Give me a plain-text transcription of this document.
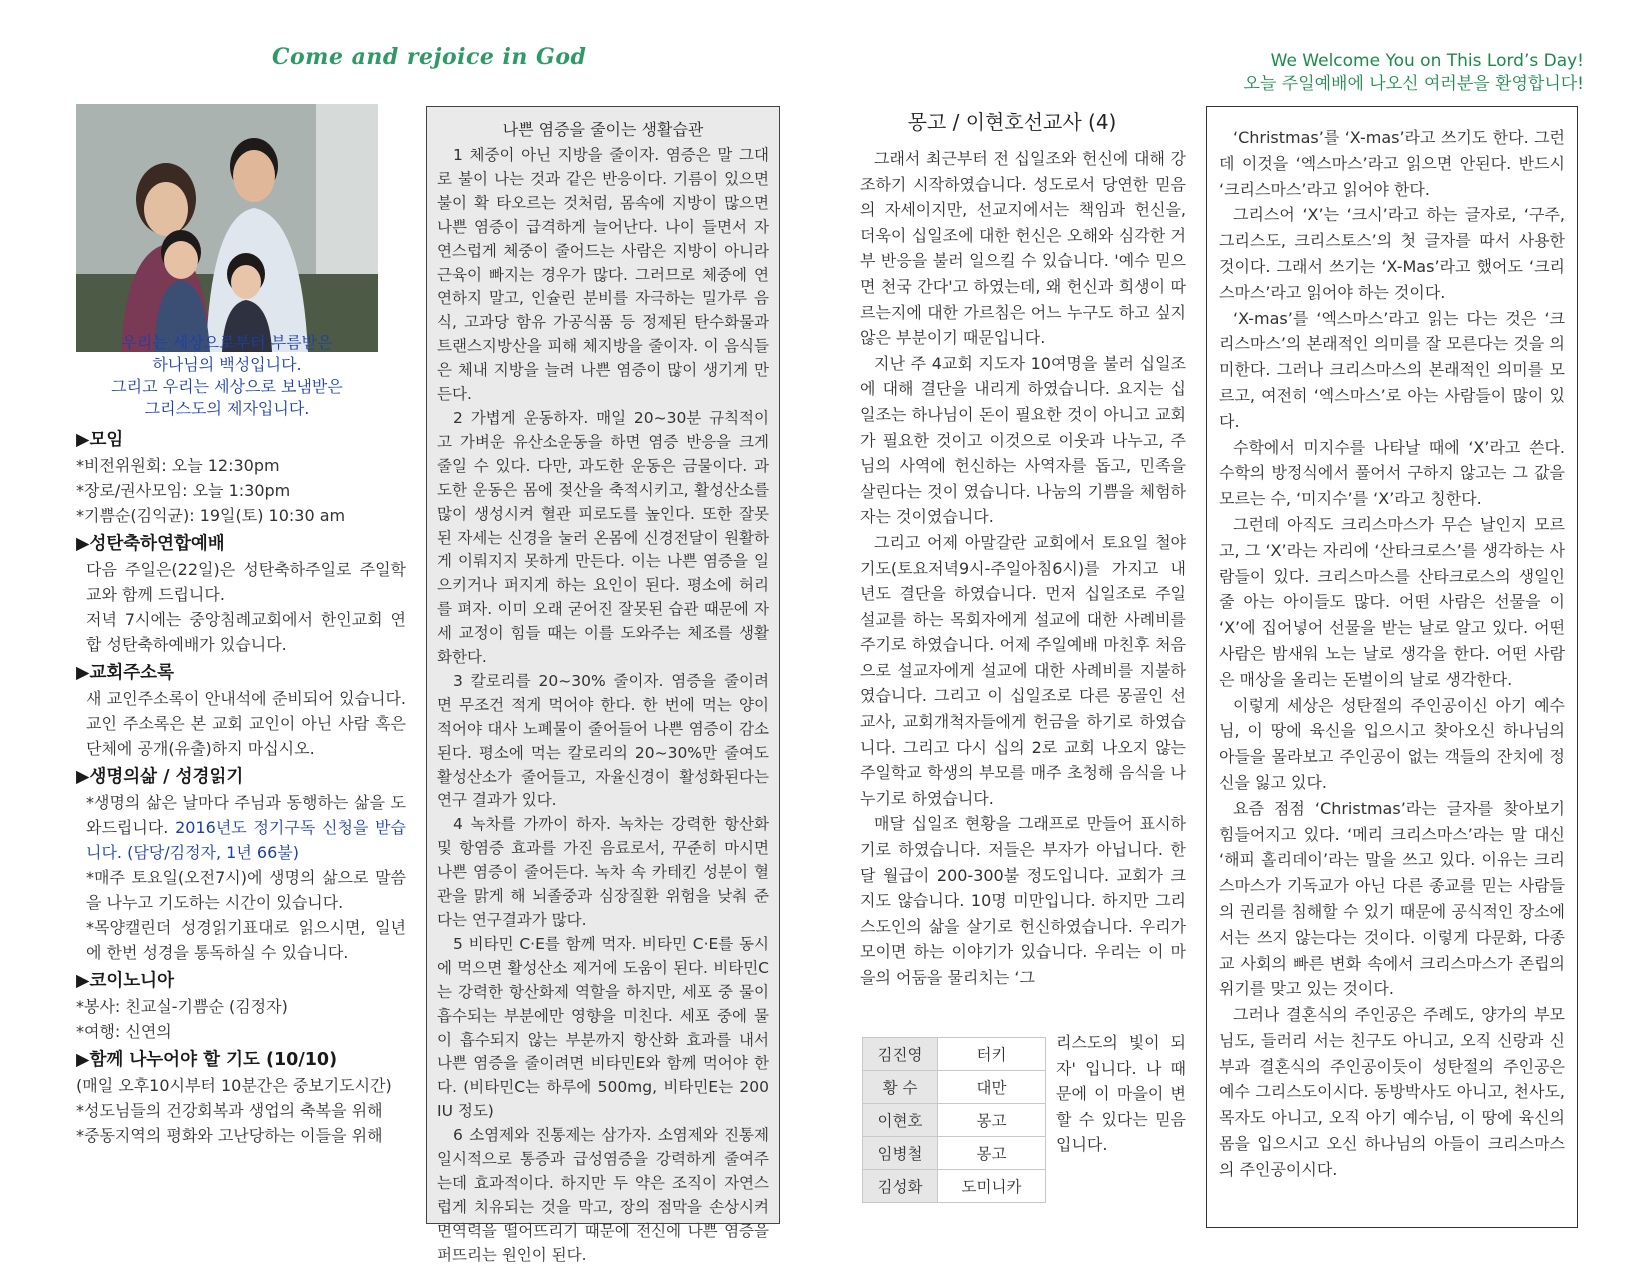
Come and rejoice in God	We Welcome You on This Lord’s Day!
오늘 주일예배에 나오신 여러분을 환영합니다!
우리는 세상으로부터 부름받은
하나님의 백성입니다.
그리고 우리는 세상으로 보냄받은
그리스도의 제자입니다.
▶모임
*비전위원회: 오늘 12:30pm
*장로/권사모임: 오늘 1:30pm
*기쁨순(김익균): 19일(토) 10:30 am
▶성탄축하연합예배
다음 주일은(22일)은 성탄축하주일로 주일학교와 함께 드립니다.
저녁 7시에는 중앙침례교회에서 한인교회 연합 성탄축하예배가 있습니다.
▶교회주소록
새 교인주소록이 안내석에 준비되어 있습니다. 교인 주소록은 본 교회 교인이 아닌 사람 혹은 단체에 공개(유출)하지 마십시오.
▶생명의삶 / 성경읽기
*생명의 삶은 날마다 주님과 동행하는 삶을 도와드립니다. 2016년도 정기구독 신청을 받습니다. (담당/김정자, 1년 66불)
*매주 토요일(오전7시)에 생명의 삶으로 말씀을 나누고 기도하는 시간이 있습니다.
*목양캘린더 성경읽기표대로 읽으시면, 일년에 한번 성경을 통독하실 수 있습니다.
▶코이노니아
*봉사: 친교실-기쁨순 (김정자)
*여행: 신연의
▶함께 나누어야 할 기도 (10/10)
(매일 오후10시부터 10분간은 중보기도시간)
*성도님들의 건강회복과 생업의 축복을 위해
*중동지역의 평화와 고난당하는 이들을 위해
나쁜 염증을 줄이는 생활습관

1 체중이 아닌 지방을 줄이자. 염증은 말 그대로 불이 나는 것과 같은 반응이다. 기름이 있으면 불이 확 타오르는 것처럼, 몸속에 지방이 많으면 나쁜 염증이 급격하게 늘어난다. 나이 들면서 자연스럽게 체중이 줄어드는 사람은 지방이 아니라 근육이 빠지는 경우가 많다. 그러므로 체중에 연연하지 말고, 인슐린 분비를 자극하는 밀가루 음식, 고과당 함유 가공식품 등 정제된 탄수화물과 트랜스지방산을 피해 체지방을 줄이자. 이 음식들은 체내 지방을 늘려 나쁜 염증이 많이 생기게 만든다.

2 가볍게 운동하자. 매일 20~30분 규칙적이고 가벼운 유산소운동을 하면 염증 반응을 크게 줄일 수 있다. 다만, 과도한 운동은 금물이다. 과도한 운동은 몸에 젖산을 축적시키고, 활성산소를 많이 생성시켜 혈관 피로도를 높인다. 또한 잘못된 자세는 신경을 눌러 온몸에 신경전달이 원활하게 이뤄지지 못하게 만든다. 이는 나쁜 염증을 일으키거나 퍼지게 하는 요인이 된다. 평소에 허리를 펴자. 이미 오래 굳어진 잘못된 습관 때문에 자세 교정이 힘들 때는 이를 도와주는 체조를 생활화한다.

3 칼로리를 20~30% 줄이자. 염증을 줄이려면 무조건 적게 먹어야 한다. 한 번에 먹는 양이 적어야 대사 노폐물이 줄어들어 나쁜 염증이 감소된다. 평소에 먹는 칼로리의 20~30%만 줄여도 활성산소가 줄어들고, 자율신경이 활성화된다는 연구 결과가 있다.

4 녹차를 가까이 하자. 녹차는 강력한 항산화 및 항염증 효과를 가진 음료로서, 꾸준히 마시면 나쁜 염증이 줄어든다. 녹차 속 카테킨 성분이 혈관을 맑게 해 뇌졸중과 심장질환 위험을 낮춰 준다는 연구결과가 많다.

5 비타민 C·E를 함께 먹자. 비타민 C·E를 동시에 먹으면 활성산소 제거에 도움이 된다. 비타민C는 강력한 항산화제 역할을 하지만, 세포 중 물이 흡수되는 부분에만 영향을 미친다. 세포 중에 물이 흡수되지 않는 부분까지 항산화 효과를 내서 나쁜 염증을 줄이려면 비타민E와 함께 먹어야 한다. (비타민C는 하루에 500mg, 비타민E는 200 IU 정도)

6 소염제와 진통제는 삼가자. 소염제와 진통제 일시적으로 통증과 급성염증을 강력하게 줄여주는데 효과적이다. 하지만 두 약은 조직이 자연스럽게 치유되는 것을 막고, 장의 점막을 손상시켜 면역력을 떨어뜨리기 때문에 전신에 나쁜 염증을 퍼뜨리는 원인이 된다.

몽고 / 이현호선교사 (4)

그래서 최근부터 전 십일조와 헌신에 대해 강조하기 시작하였습니다. 성도로서 당연한 믿음의 자세이지만, 선교지에서는 책임과 헌신을, 더욱이 십일조에 대한 헌신은 오해와 심각한 거부 반응을 불러 일으킬 수 있습니다. '예수 믿으면 천국 간다'고 하였는데, 왜 헌신과 희생이 따르는지에 대한 가르침은 어느 누구도 하고 싶지 않은 부분이기 때문입니다.

지난 주 4교회 지도자 10여명을 불러 십일조에 대해 결단을 내리게 하였습니다. 요지는 십일조는 하나님이 돈이 필요한 것이 아니고 교회가 필요한 것이고 이것으로 이웃과 나누고, 주님의 사역에 헌신하는 사역자를 돕고, 민족을 살린다는 것이 였습니다. 나눔의 기쁨을 체험하자는 것이였습니다.

그리고 어제 아말갈란 교회에서 토요일 철야기도(토요저녁9시-주일아침6시)를 가지고 내년도 결단을 하였습니다. 먼저 십일조로 주일 설교를 하는 목회자에게 설교에 대한 사례비를 주기로 하였습니다. 어제 주일예배 마친후 처음으로 설교자에게 설교에 대한 사례비를 지불하였습니다. 그리고 이 십일조로 다른 몽골인 선교사, 교회개척자들에게 헌금을 하기로 하였습니다. 그리고 다시 십의 2로 교회 나오지 않는 주일학교 학생의 부모를 매주 초청해 음식을 나누기로 하였습니다.

매달 십일조 현황을 그래프로 만들어 표시하기로 하였습니다. 저들은 부자가 아닙니다. 한달 월급이 200-300불 정도입니다. 교회가 크지도 않습니다. 10명 미만입니다. 하지만 그리스도인의 삶을 살기로 헌신하였습니다. 우리가 모이면 하는 이야기가 있습니다. 우리는 이 마을의 어둠을 물리치는 ‘그

김진영	터키
황 수	대만
이현호	몽고
임병철	몽고
김성화	도미니카
리스도의 빛이 되자' 입니다. 나 때문에 이 마을이 변할 수 있다는 믿음입니다.

‘Christmas’를 ‘X-mas’라고 쓰기도 한다. 그런데 이것을 ‘엑스마스’라고 읽으면 안된다. 반드시 ‘크리스마스’라고 읽어야 한다.

그리스어 ‘X’는 ‘크시’라고 하는 글자로, ‘구주, 그리스도, 크리스토스’의 첫 글자를 따서 사용한 것이다. 그래서 쓰기는 ‘X-Mas’라고 했어도 ‘크리스마스’라고 읽어야 하는 것이다.

‘X-mas’를 ‘엑스마스’라고 읽는 다는 것은 ‘크리스마스’의 본래적인 의미를 잘 모른다는 것을 의미한다. 그러나 크리스마스의 본래적인 의미를 모르고, 여전히 ‘엑스마스’로 아는 사람들이 많이 있다.

수학에서 미지수를 나타날 때에 ‘X’라고 쓴다. 수학의 방정식에서 풀어서 구하지 않고는 그 값을 모르는 수, ‘미지수’를 ‘X’라고 칭한다.

그런데 아직도 크리스마스가 무슨 날인지 모르고, 그 ‘X’라는 자리에 ‘산타크로스’를 생각하는 사람들이 있다. 크리스마스를 산타크로스의 생일인 줄 아는 아이들도 많다. 어떤 사람은 선물을 이 ‘X’에 집어넣어 선물을 받는 날로 알고 있다. 어떤 사람은 밤새워 노는 날로 생각을 한다. 어떤 사람은 매상을 올리는 돈벌이의 날로 생각한다.

이렇게 세상은 성탄절의 주인공이신 아기 예수님, 이 땅에 육신을 입으시고 찾아오신 하나님의 아들을 몰라보고 주인공이 없는 객들의 잔치에 정신을 잃고 있다.

요즘 점점 ‘Christmas’라는 글자를 찾아보기 힘들어지고 있다. ‘메리 크리스마스’라는 말 대신 ‘해피 홀리데이’라는 말을 쓰고 있다. 이유는 크리스마스가 기독교가 아닌 다른 종교를 믿는 사람들의 권리를 침해할 수 있기 때문에 공식적인 장소에서는 쓰지 않는다는 것이다. 이렇게 다문화, 다종교 사회의 빠른 변화 속에서 크리스마스가 존립의 위기를 맞고 있는 것이다.

그러나 결혼식의 주인공은 주례도, 양가의 부모님도, 들러리 서는 친구도 아니고, 오직 신랑과 신부과 결혼식의 주인공이듯이 성탄절의 주인공은 예수 그리스도이시다. 동방박사도 아니고, 천사도, 목자도 아니고, 오직 아기 예수님, 이 땅에 육신의 몸을 입으시고 오신 하나님의 아들이 크리스마스의 주인공이시다.
